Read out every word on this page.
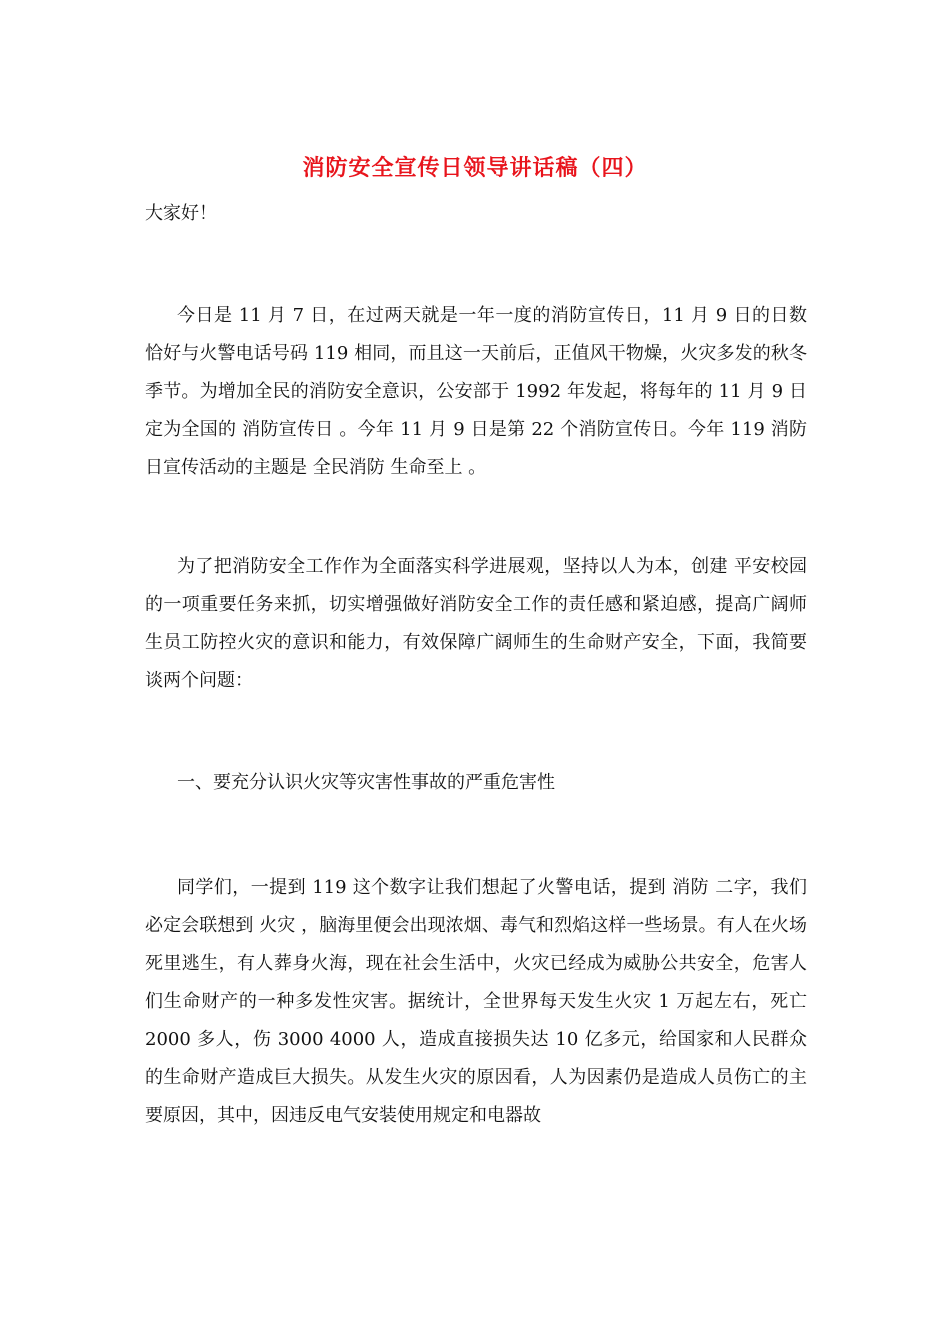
消防安全宣传日领导讲话稿（四）
大家好！

今日是 11 月 7 日，在过两天就是一年一度的消防宣传日，11 月 9 日的日数恰好与火警电话号码 119 相同，而且这一天前后，正值风干物燥，火灾多发的秋冬季节。为增加全民的消防安全意识，公安部于 1992 年发起，将每年的 11 月 9 日定为全国的 消防宣传日 。今年 11 月 9 日是第 22 个消防宣传日。今年 119 消防日宣传活动的主题是 全民消防 生命至上 。

为了把消防安全工作作为全面落实科学进展观，坚持以人为本，创建 平安校园 的一项重要任务来抓，切实增强做好消防安全工作的责任感和紧迫感，提高广阔师生员工防控火灾的意识和能力，有效保障广阔师生的生命财产安全，下面，我简要谈两个问题：

一、要充分认识火灾等灾害性事故的严重危害性

同学们，一提到 119 这个数字让我们想起了火警电话，提到 消防 二字，我们必定会联想到 火灾 ，脑海里便会出现浓烟、毒气和烈焰这样一些场景。有人在火场死里逃生，有人葬身火海，现在社会生活中，火灾已经成为威胁公共安全，危害人们生命财产的一种多发性灾害。据统计，全世界每天发生火灾 1 万起左右，死亡 2000 多人，伤 3000 4000 人，造成直接损失达 10 亿多元，给国家和人民群众的生命财产造成巨大损失。从发生火灾的原因看，人为因素仍是造成人员伤亡的主要原因，其中，因违反电气安装使用规定和电器故
